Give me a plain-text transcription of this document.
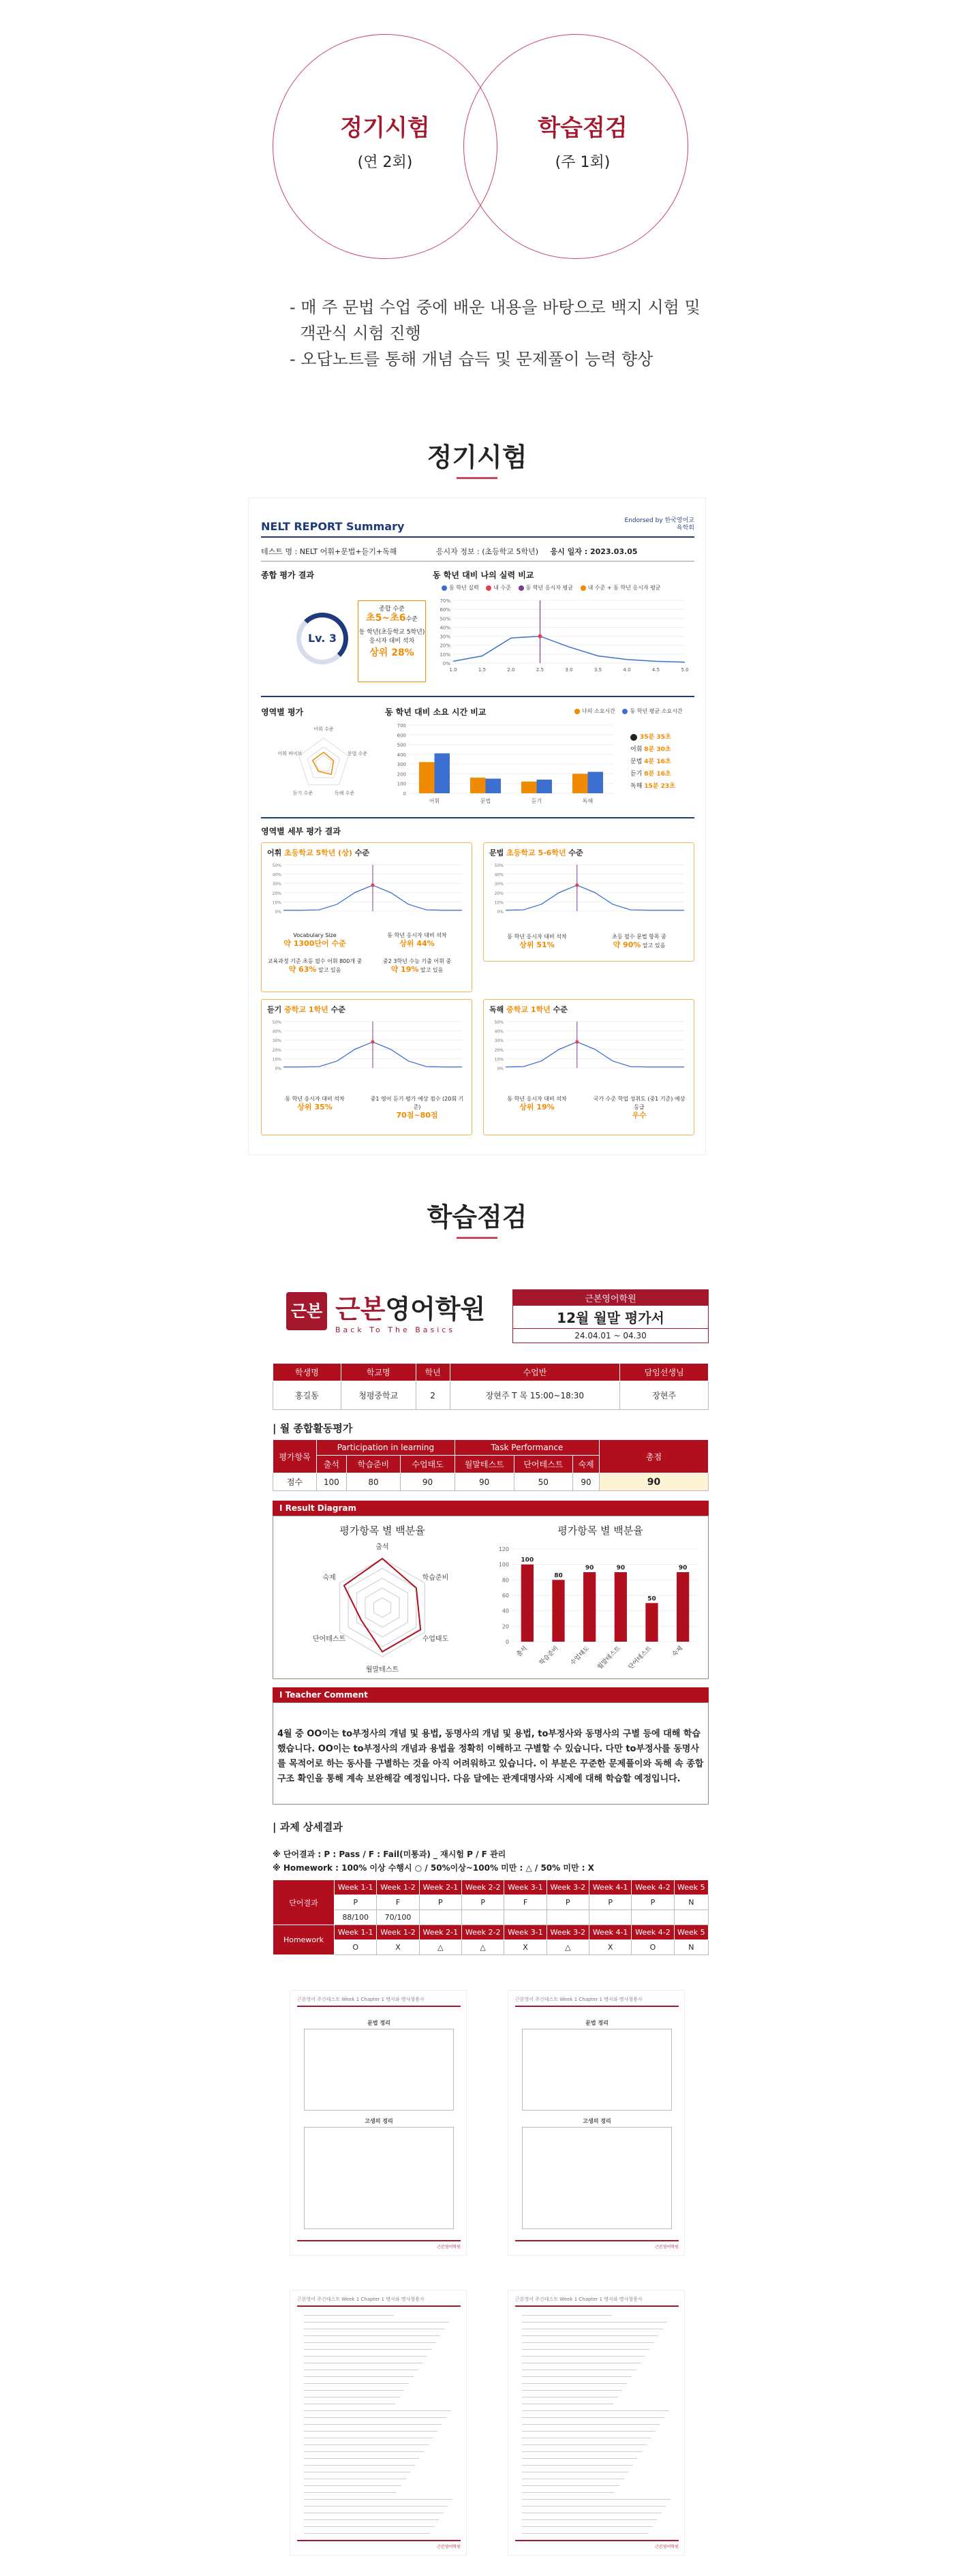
정기시험
(연 2회)
학습점검
(주 1회)
- 매 주 문법 수업 중에 배운 내용을 바탕으로 백지 시험 및
객관식 시험 진행
- 오답노트를 통해 개념 습득 및 문제풀이 능력 향상
정기시험
NELT REPORT Summary	Endorsed by 한국영어교육학회
테스트 명 : NELT 어휘+문법+듣기+독해	응시자 정보 : (초등학교 5학년) 응시 일자 : 2023.03.05
종합 평가 결과	동 학년 대비 나의 실력 비교
동 학년 실력	내 수준	동 학년 응시자 평균	내 수준 + 동 학년 응시자 평균
Lv. 3
종합 수준
초5~초6수준
동 학년(초등학교 5학년) 응시자 대비 석차
상위 28%
0%
10%
20%
30%
40%
50%
60%
70%
1.0	1.5	2.0	2.5	3.0	3.5	4.0	4.5	5.0
영역별 평가	동 학년 대비 소요 시간 비교	나의 소요시간	동 학년 평균 소요시간
어휘 수준
문법 수준
독해 수준
듣기 수준
어휘 바이브
0
100
200
300
400
500
600
700
어휘	문법	듣기	독해
35분 35초
어휘 8분 30초
문법 4분 16초
듣기 8분 16초
독해 15분 23초
영역별 세부 평가 결과
어휘 초등학교 5학년 (상) 수준
0%
10%
20%
30%
40%
50%
Vocabulary Size
약 1300단어 수준
동 학년 응시자 대비 석차
상위 44%
교육과정 기준 초등 필수 어휘 800개 중
약 63% 알고 있음
중2 3학년 수능 기출 어휘 중
약 19% 알고 있음
문법 초등학교 5-6학년 수준
0%
10%
20%
30%
40%
50%
동 학년 응시자 대비 석차
상위 51%
초등 필수 문법 항목 중
약 90% 알고 있음
듣기 중학교 1학년 수준
0%
10%
20%
30%
40%
50%
동 학년 응시자 대비 석차
상위 35%
중1 영어 듣기 평가 예상 점수 (20회 기준)
70점~80점
독해 중학교 1학년 수준
0%
10%
20%
30%
40%
50%
동 학년 응시자 대비 석차
상위 19%
국가 수준 학업 성취도 (중1 기준) 예상 등급
우수
학습점검
근본 근본영어학원
Back To The Basics
근본영어학원
12월 월말 평가서
24.04.01 ~ 04.30
학생명	학교명	학년	수업반	담임선생님
홍길동	청평중학교	2	장현주 T 목 15:00~18:30	장현주
| 월 종합활동평가
평가항목	Participation in learning			Task Performance			총점
	출석	학습준비	수업태도	월말테스트	단어테스트	숙제	
점수	100	80	90	90	50	90	90
I Result Diagram
평가항목 별 백분율
출석
학습준비
수업태도
월말테스트
단어테스트
숙제
평가항목 별 백분율
0
20
40
60
80
100
120
100
출석
80
학습준비
90
수업태도
90
월말테스트
50
단어테스트
90
숙제
I Teacher Comment
4월 중 OO이는 to부정사의 개념 및 용법, 동명사의 개념 및 용법, to부정사와 동명사의 구별 등에 대해 학습했습니다. OO이는 to부정사의 개념과 용법을 정확히 이해하고 구별할 수 있습니다. 다만 to부정사를 동명사를 목적어로 하는 동사를 구별하는 것을 아직 어려워하고 있습니다. 이 부분은 꾸준한 문제풀이와 독해 속 종합 구조 확인을 통해 계속 보완해갈 예정입니다. 다음 달에는 관계대명사와 시제에 대해 학습할 예정입니다.
| 과제 상세결과
※ 단어결과 : P : Pass / F : Fail(미통과) _ 재시험 P / F 관리
※ Homework : 100% 이상 수행시 ○ / 50%이상~100% 미만 : △ / 50% 미만 : X
단어결과	Week 1-1	Week 1-2	Week 2-1	Week 2-2	Week 3-1	Week 3-2	Week 4-1	Week 4-2	Week 5
	P	F	P	P	F	P	P	P	N
	88/100	70/100							
Homework	Week 1-1	Week 1-2	Week 2-1	Week 2-2	Week 3-1	Week 3-2	Week 4-1	Week 4-2	Week 5
	O	X	△	△	X	△	X	O	N
근본영어 주간테스트 Week 1 Chapter 1 명사와 명사형용사
문법 정리
고생의 정리
근본영어학원
근본영어 주간테스트 Week 1 Chapter 1 명사와 명사형용사
문법 정리
고생의 정리
근본영어학원
근본영어 주간테스트 Week 1 Chapter 1 명사와 명사형용사
근본영어학원
근본영어 주간테스트 Week 1 Chapter 1 명사와 명사형용사
근본영어학원
